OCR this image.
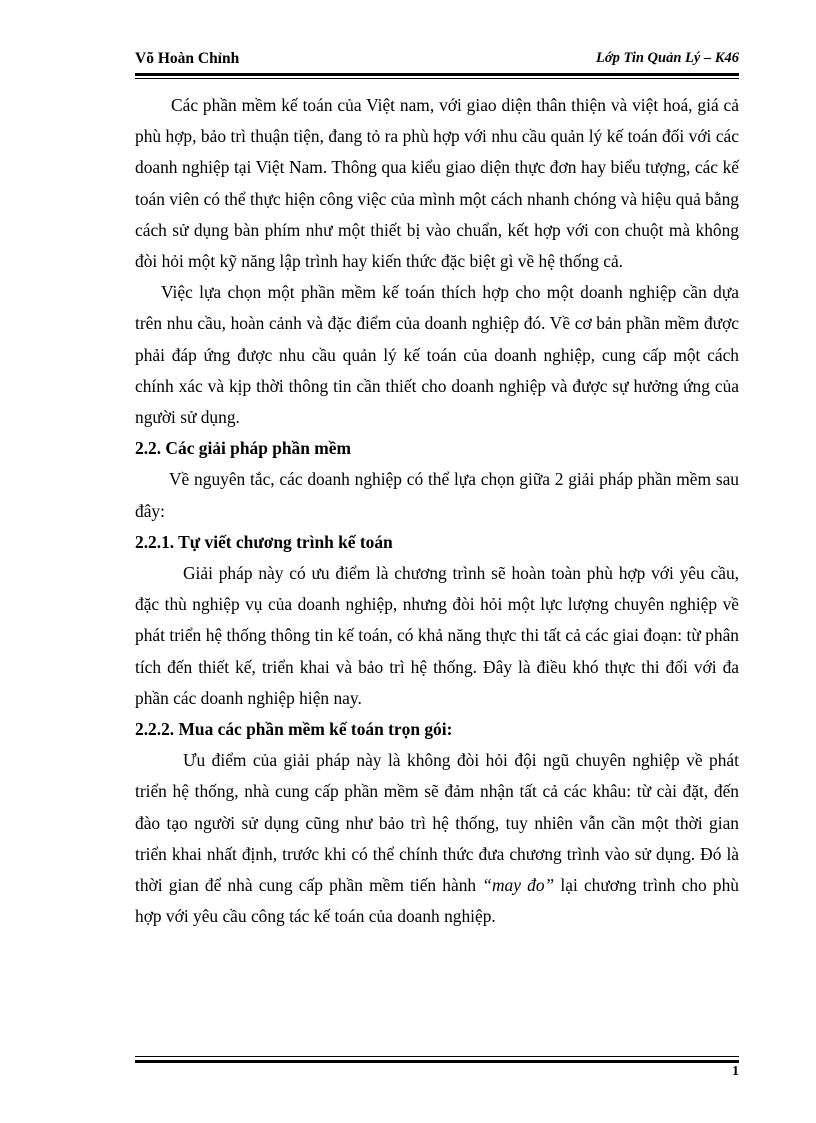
Võ Hoàn Chỉnh	Lớp Tin Quản Lý – K46

Các phần mềm kế toán của Việt nam, với giao diện thân thiện và việt hoá, giá cả phù hợp, bảo trì thuận tiện, đang tỏ ra phù hợp với nhu cầu quản lý kế toán đối với các doanh nghiệp tại Việt Nam. Thông qua kiểu giao diện thực đơn hay biểu tượng, các kế toán viên có thể thực hiện công việc của mình một cách nhanh chóng và hiệu quả bằng cách sử dụng bàn phím như một thiết bị vào chuẩn, kết hợp với con chuột mà không đòi hỏi một kỹ năng lập trình hay kiến thức đặc biệt gì về hệ thống cả.

Việc lựa chọn một phần mềm kế toán thích hợp cho một doanh nghiệp cần dựa trên nhu cầu, hoàn cảnh và đặc điểm của doanh nghiệp đó. Về cơ bản phần mềm được phải đáp ứng được nhu cầu quản lý kế toán của doanh nghiệp, cung cấp một cách chính xác và kịp thời thông tin cần thiết cho doanh nghiệp và được sự hưởng ứng của người sử dụng.

2.2. Các giải pháp phần mềm

Về nguyên tắc, các doanh nghiệp có thể lựa chọn giữa 2 giải pháp phần mềm sau đây:

2.2.1. Tự viết chương trình kế toán

Giải pháp này có ưu điểm là chương trình sẽ hoàn toàn phù hợp với yêu cầu, đặc thù nghiệp vụ của doanh nghiệp, nhưng đòi hỏi một lực lượng chuyên nghiệp về phát triển hệ thống thông tin kế toán, có khả năng thực thi tất cả các giai đoạn: từ phân tích đến thiết kế, triển khai và bảo trì hệ thống. Đây là điều khó thực thi đối với đa phần các doanh nghiệp hiện nay.

2.2.2. Mua các phần mềm kế toán trọn gói:

Ưu điểm của giải pháp này là không đòi hỏi đội ngũ chuyên nghiệp về phát triển hệ thống, nhà cung cấp phần mềm sẽ đảm nhận tất cả các khâu: từ cài đặt, đến đào tạo người sử dụng cũng như bảo trì hệ thống, tuy nhiên vẫn cần một thời gian triển khai nhất định, trước khi có thể chính thức đưa chương trình vào sử dụng. Đó là thời gian để nhà cung cấp phần mềm tiến hành “may đo” lại chương trình cho phù hợp với yêu cầu công tác kế toán của doanh nghiệp.

1
